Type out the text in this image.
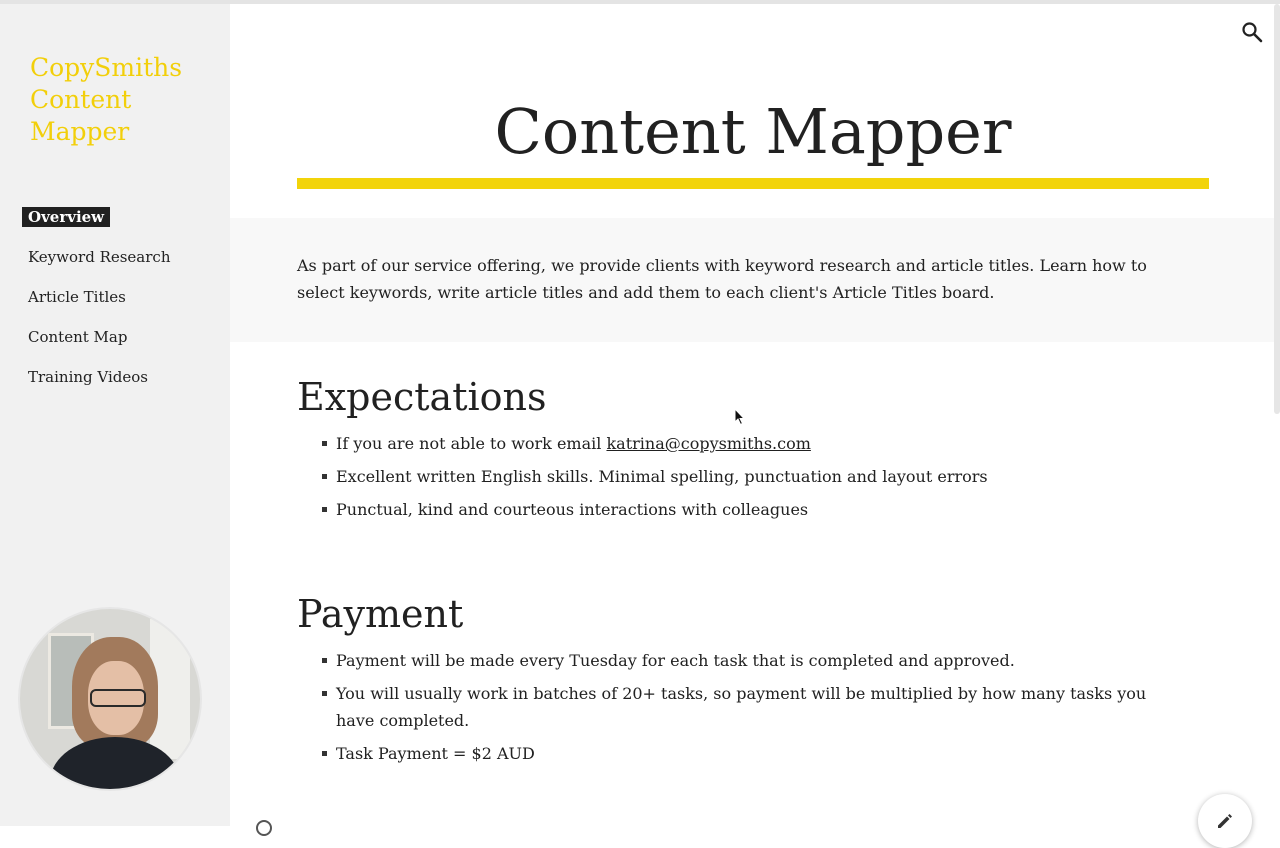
CopySmiths Content Mapper
Overview
Keyword Research
Article Titles
Content Map
Training Videos
Content Mapper

As part of our service offering, we provide clients with keyword research and article titles. Learn how to select keywords, write article titles and add them to each client's Article Titles board.

Expectations
If you are not able to work email katrina@copysmiths.com
Excellent written English skills. Minimal spelling, punctuation and layout errors
Punctual, kind and courteous interactions with colleagues
Payment
Payment will be made every Tuesday for each task that is completed and approved.
You will usually work in batches of 20+ tasks, so payment will be multiplied by how many tasks you have completed.
Task Payment = $2 AUD
